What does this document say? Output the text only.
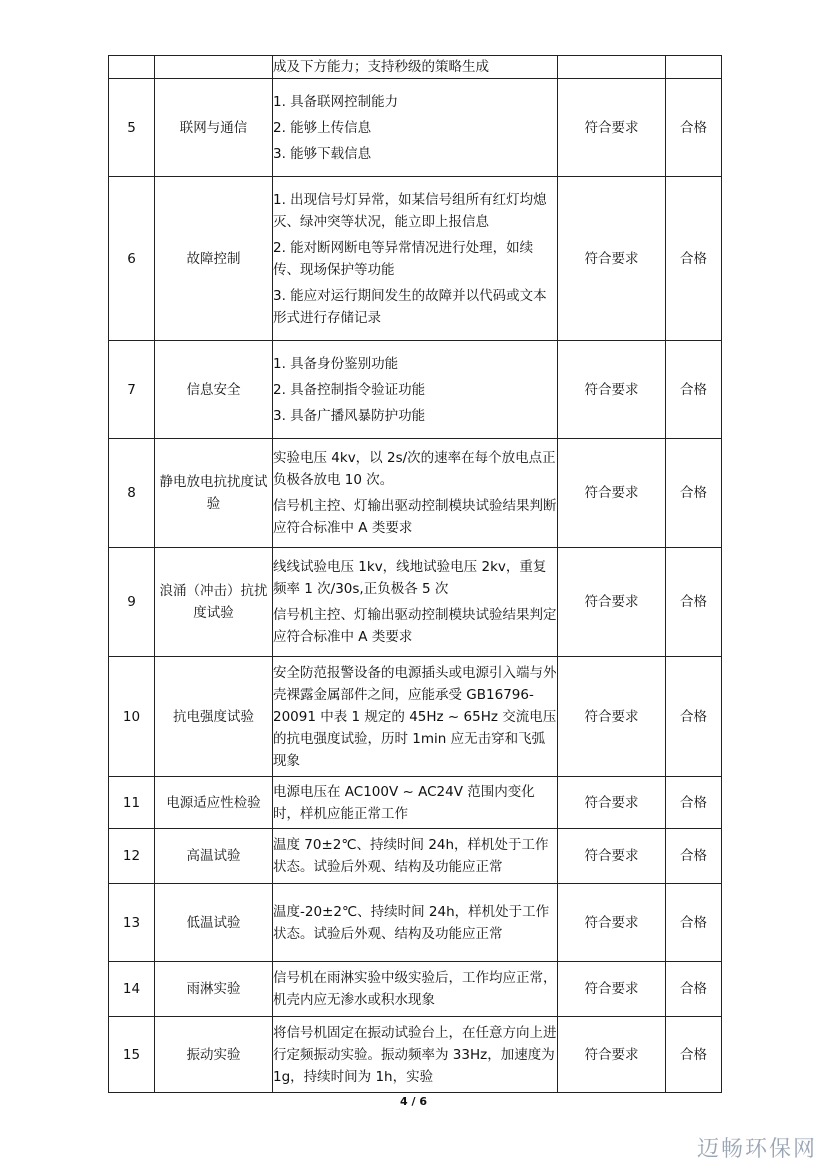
		成及下方能力；支持秒级的策略生成		

5	联网与通信	1. 具备联网控制能力

2. 能够上传信息

3. 能够下载信息	符合要求	合格
6	故障控制	1. 出现信号灯异常，如某信号组所有红灯均熄灭、绿冲突等状况，能立即上报信息

2. 能对断网断电等异常情况进行处理，如续传、现场保护等功能

3. 能应对运行期间发生的故障并以代码或文本形式进行存储记录	符合要求	合格
7	信息安全	1. 具备身份鉴别功能

2. 具备控制指令验证功能

3. 具备广播风暴防护功能	符合要求	合格
8	静电放电抗扰度试验	实验电压 4kv，以 2s/次的速率在每个放电点正负极各放电 10 次。

信号机主控、灯输出驱动控制模块试验结果判断应符合标准中 A 类要求	符合要求	合格
9	浪涌（冲击）抗扰度试验	线线试验电压 1kv，线地试验电压 2kv，重复频率 1 次/30s,正负极各 5 次

信号机主控、灯输出驱动控制模块试验结果判定应符合标准中 A 类要求	符合要求	合格
10	抗电强度试验	安全防范报警设备的电源插头或电源引入端与外壳裸露金属部件之间，应能承受 GB16796-20091 中表 1 规定的 45Hz ~ 65Hz 交流电压的抗电强度试验，历时 1min 应无击穿和飞弧现象	符合要求	合格
11	电源适应性检验	电源电压在 AC100V ~ AC24V 范围内变化时，样机应能正常工作	符合要求	合格
12	高温试验	温度 70±2℃、持续时间 24h，样机处于工作状态。试验后外观、结构及功能应正常	符合要求	合格
13	低温试验	温度-20±2℃、持续时间 24h，样机处于工作状态。试验后外观、结构及功能应正常	符合要求	合格
14	雨淋实验	信号机在雨淋实验中级实验后，工作均应正常，机壳内应无渗水或积水现象	符合要求	合格
15	振动实验	将信号机固定在振动试验台上，在任意方向上进行定频振动实验。振动频率为 33Hz，加速度为 1g，持续时间为 1h，实验	符合要求	合格
4 / 6
迈畅环保网
